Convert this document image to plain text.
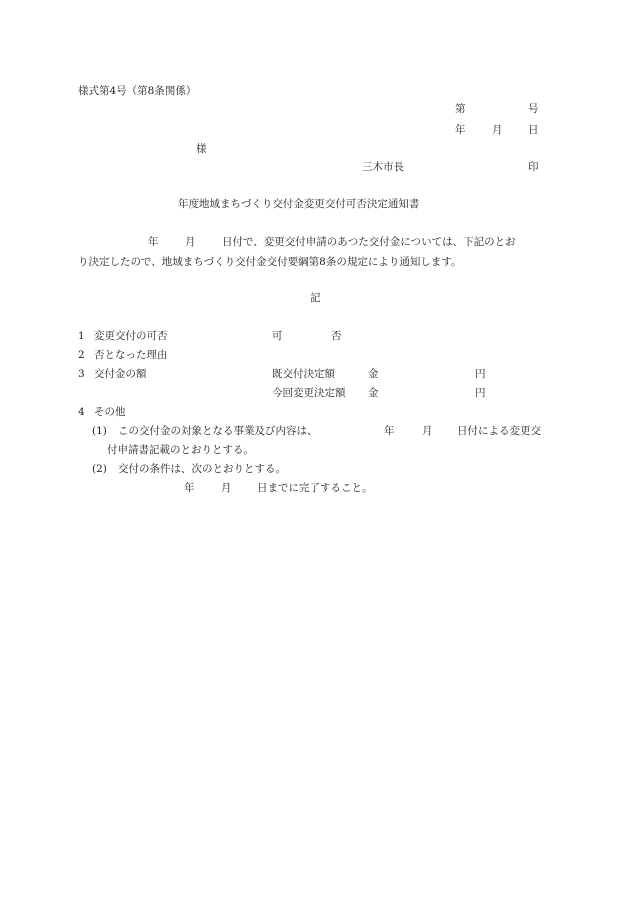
様式第4号（第8条関係）
第	号
年	月 日
様
三木市長	印
年度地域まちづくり交付金変更交付可否決定通知書
年	月	日付で、変更交付申請のあつた交付金については、下記のとお
り決定したので、地域まちづくり交付金交付要綱第8条の規定により通知します。
記
1 変更交付の可否	可	否
2 否となった理由
3 交付金の額	既交付決定額	金	円
今回変更決定額 金	円
4 その他
(1) この交付金の対象となる事業及び内容は、	年	月 日付による変更交
付申請書記載のとおりとする。
(2) 交付の条件は、次のとおりとする。
年	月 日までに完了すること。
